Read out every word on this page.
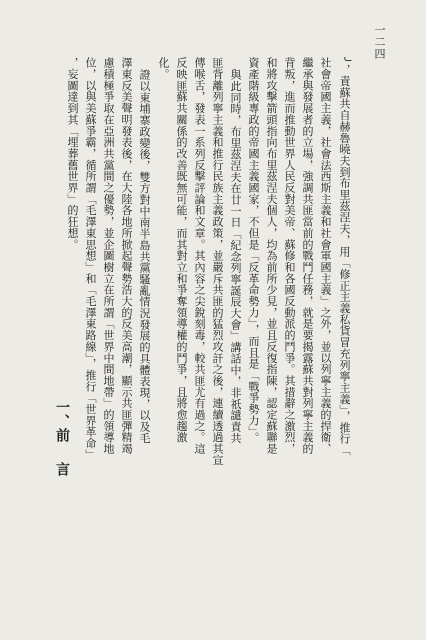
一二四
╯，責蘇共自赫魯曉夫到布里茲涅夫，用「修正主義私貨冒充列寧主義」，推行「
社會帝國主義，社會法西斯主義和社會軍國主義」之外，並以列寧主義的捍衛、
繼承與發展者的立場，強調共匪當前的戰鬥任務，就是要揭露蘇共對列寧主義的
背叛，進而推動世界人民反對美帝、蘇修和各國反動派的鬥爭。其措辭之激烈，
和將攻擊箭頭指向布里茲涅夫個人，均為前所少見，並且反復指陳，認定蘇聯是
資產階級專政的帝國主義國家，不但是「反革命勢力」，而且是「戰爭勢力」。
與此同時，布里茲涅夫在廿一日「紀念列寧誕辰大會」講話中，非祇譴責共
匪背離列寧主義和推行民族主義政策，並嚴斥共匪的猛烈攻訐之後，連續透過其宣
傳喉舌，發表一系列反擊評論和文章。其內容之尖銳刻毒，較共匪尤有過之。這
反映匪蘇共關係的改善既無可能，而其對立和爭奪領導權的鬥爭，且將愈趨激
化。
證以東埔寨政變後，雙方對中南半島共黨騷亂情況發展的具體表現，以及毛
澤東反美聲明發表後，在大陸各地所掀起聲勢浩大的反美高潮，顯示共匪彈精竭
慮積極爭取在亞洲共黨間之優勢，並企圖樹立在所謂「世界中間地帶」的領導地
位，以與美蘇爭霸，循所謂「毛澤東思想」和「毛澤東路線」，推行「世界革命」
，妄圖達到其「埋葬舊世界」的狂想。
一、前言
